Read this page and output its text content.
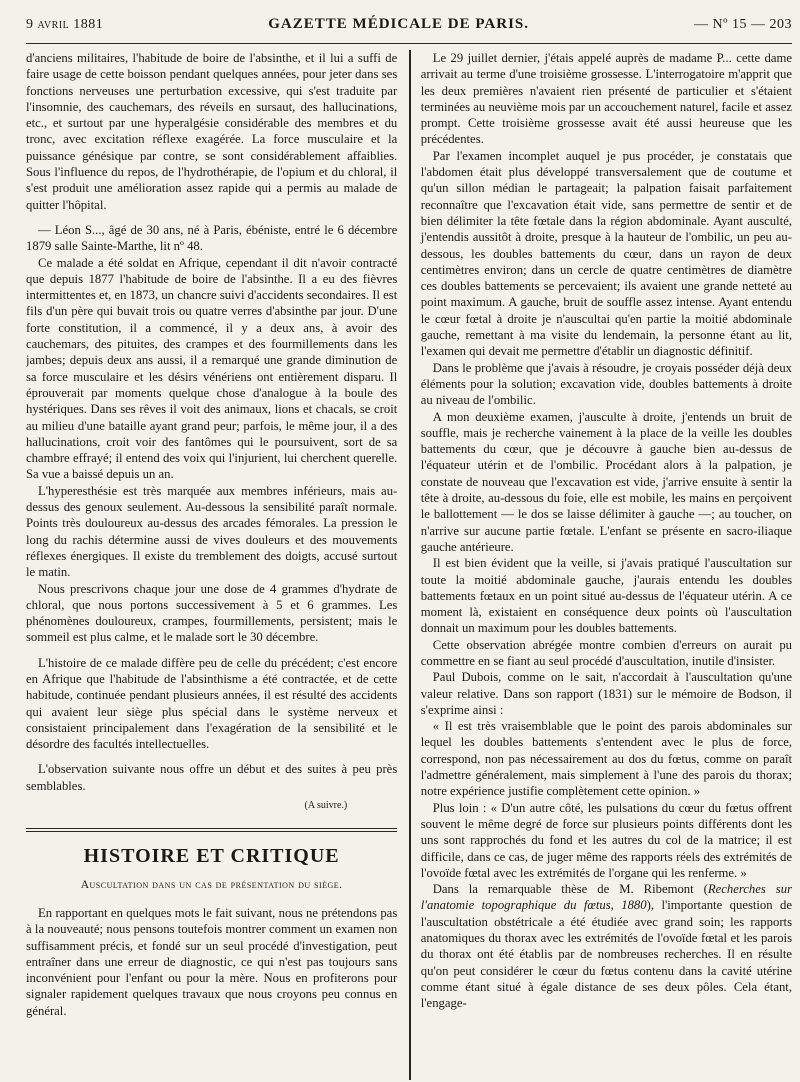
9 avril 1881	GAZETTE MÉDICALE DE PARIS.	— Nº 15 — 203

d'anciens militaires, l'habitude de boire de l'absinthe, et il lui a suffi de faire usage de cette boisson pendant quelques années, pour jeter dans ses fonctions nerveuses une perturbation excessive, qui s'est traduite par l'insomnie, des cauchemars, des réveils en sursaut, des hallucinations, etc., et surtout par une hyperalgésie considérable des membres et du tronc, avec excitation réflexe exagérée. La force musculaire et la puissance génésique par contre, se sont considérablement affaiblies. Sous l'influence du repos, de l'hydrothérapie, de l'opium et du chloral, il s'est produit une amélioration assez rapide qui a permis au malade de quitter l'hôpital.

— Léon S..., âgé de 30 ans, né à Paris, ébéniste, entré le 6 décembre 1879 salle Sainte-Marthe, lit nº 48.

Ce malade a été soldat en Afrique, cependant il dit n'avoir contracté que depuis 1877 l'habitude de boire de l'absinthe. Il a eu des fièvres intermittentes et, en 1873, un chancre suivi d'accidents secondaires. Il est fils d'un père qui buvait trois ou quatre verres d'absinthe par jour. D'une forte constitution, il a commencé, il y a deux ans, à avoir des cauchemars, des pituites, des crampes et des fourmillements dans les jambes; depuis deux ans aussi, il a remarqué une grande diminution de sa force musculaire et les désirs vénériens ont entièrement disparu. Il éprouverait par moments quelque chose d'analogue à la boule des hystériques. Dans ses rêves il voit des animaux, lions et chacals, se croit au milieu d'une bataille ayant grand peur; parfois, le même jour, il a des hallucinations, croit voir des fantômes qui le poursuivent, sort de sa chambre effrayé; il entend des voix qui l'injurient, lui cherchent querelle. Sa vue a baissé depuis un an.

L'hyperesthésie est très marquée aux membres inférieurs, mais au-dessus des genoux seulement. Au-dessous la sensibilité paraît normale. Points très douloureux au-dessus des arcades fémorales. La pression le long du rachis détermine aussi de vives douleurs et des mouvements réflexes énergiques. Il existe du tremblement des doigts, accusé surtout le matin.

Nous prescrivons chaque jour une dose de 4 grammes d'hydrate de chloral, que nous portons successivement à 5 et 6 grammes. Les phénomènes douloureux, crampes, fourmillements, persistent; mais le sommeil est plus calme, et le malade sort le 30 décembre.

L'histoire de ce malade diffère peu de celle du précédent; c'est encore en Afrique que l'habitude de l'absinthisme a été contractée, et de cette habitude, continuée pendant plusieurs années, il est résulté des accidents qui avaient leur siège plus spécial dans le système nerveux et consistaient principalement dans l'exagération de la sensibilité et le désordre des facultés intellectuelles.

L'observation suivante nous offre un début et des suites à peu près semblables.

(A suivre.)
HISTOIRE ET CRITIQUE
Auscultation dans un cas de présentation du siège.

En rapportant en quelques mots le fait suivant, nous ne prétendons pas à la nouveauté; nous pensons toutefois montrer comment un examen non suffisamment précis, et fondé sur un seul procédé d'investigation, peut entraîner dans une erreur de diagnostic, ce qui n'est pas toujours sans inconvénient pour l'enfant ou pour la mère. Nous en profiterons pour signaler rapidement quelques travaux que nous croyons peu connus en général.

Le 29 juillet dernier, j'étais appelé auprès de madame P... cette dame arrivait au terme d'une troisième grossesse. L'interrogatoire m'apprit que les deux premières n'avaient rien présenté de particulier et s'étaient terminées au neuvième mois par un accouchement naturel, facile et assez prompt. Cette troisième grossesse avait été aussi heureuse que les précédentes.

Par l'examen incomplet auquel je pus procéder, je constatais que l'abdomen était plus développé transversalement que de coutume et qu'un sillon médian le partageait; la palpation faisait parfaitement reconnaître que l'excavation était vide, sans permettre de sentir et de bien délimiter la tête fœtale dans la région abdominale. Ayant ausculté, j'entendis aussitôt à droite, presque à la hauteur de l'ombilic, un peu au-dessous, les doubles battements du cœur, dans un rayon de deux centimètres environ; dans un cercle de quatre centimètres de diamètre ces doubles battements se percevaient; ils avaient une grande netteté au point maximum. A gauche, bruit de souffle assez intense. Ayant entendu le cœur fœtal à droite je n'auscultai qu'en partie la moitié abdominale gauche, remettant à ma visite du lendemain, la personne étant au lit, l'examen qui devait me permettre d'établir un diagnostic définitif.

Dans le problème que j'avais à résoudre, je croyais posséder déjà deux éléments pour la solution; excavation vide, doubles battements à droite au niveau de l'ombilic.

A mon deuxième examen, j'ausculte à droite, j'entends un bruit de souffle, mais je recherche vainement à la place de la veille les doubles battements du cœur, que je découvre à gauche bien au-dessus de l'équateur utérin et de l'ombilic. Procédant alors à la palpation, je constate de nouveau que l'excavation est vide, j'arrive ensuite à sentir la tête à droite, au-dessous du foie, elle est mobile, les mains en perçoivent le ballottement — le dos se laisse délimiter à gauche —; au toucher, on n'arrive sur aucune partie fœtale. L'enfant se présente en sacro-iliaque gauche antérieure.

Il est bien évident que la veille, si j'avais pratiqué l'auscultation sur toute la moitié abdominale gauche, j'aurais entendu les doubles battements fœtaux en un point situé au-dessus de l'équateur utérin. A ce moment là, existaient en conséquence deux points où l'auscultation donnait un maximum pour les doubles battements.

Cette observation abrégée montre combien d'erreurs on aurait pu commettre en se fiant au seul procédé d'auscultation, inutile d'insister.

Paul Dubois, comme on le sait, n'accordait à l'auscultation qu'une valeur relative. Dans son rapport (1831) sur le mémoire de Bodson, il s'exprime ainsi :

« Il est très vraisemblable que le point des parois abdominales sur lequel les doubles battements s'entendent avec le plus de force, correspond, non pas nécessairement au dos du fœtus, comme on paraît l'admettre généralement, mais simplement à l'une des parois du thorax; notre expérience justifie complètement cette opinion. »

Plus loin : « D'un autre côté, les pulsations du cœur du fœtus offrent souvent le même degré de force sur plusieurs points différents dont les uns sont rapprochés du fond et les autres du col de la matrice; il est difficile, dans ce cas, de juger même des rapports réels des extrémités de l'ovoïde fœtal avec les extrémités de l'organe qui les renferme. »

Dans la remarquable thèse de M. Ribemont (Recherches sur l'anatomie topographique du fœtus, 1880), l'importante question de l'auscultation obstétricale a été étudiée avec grand soin; les rapports anatomiques du thorax avec les extrémités de l'ovoïde fœtal et les parois du thorax ont été établis par de nombreuses recherches. Il en résulte qu'on peut considérer le cœur du fœtus contenu dans la cavité utérine comme étant situé à égale distance de ses deux pôles. Cela étant, l'engage-
